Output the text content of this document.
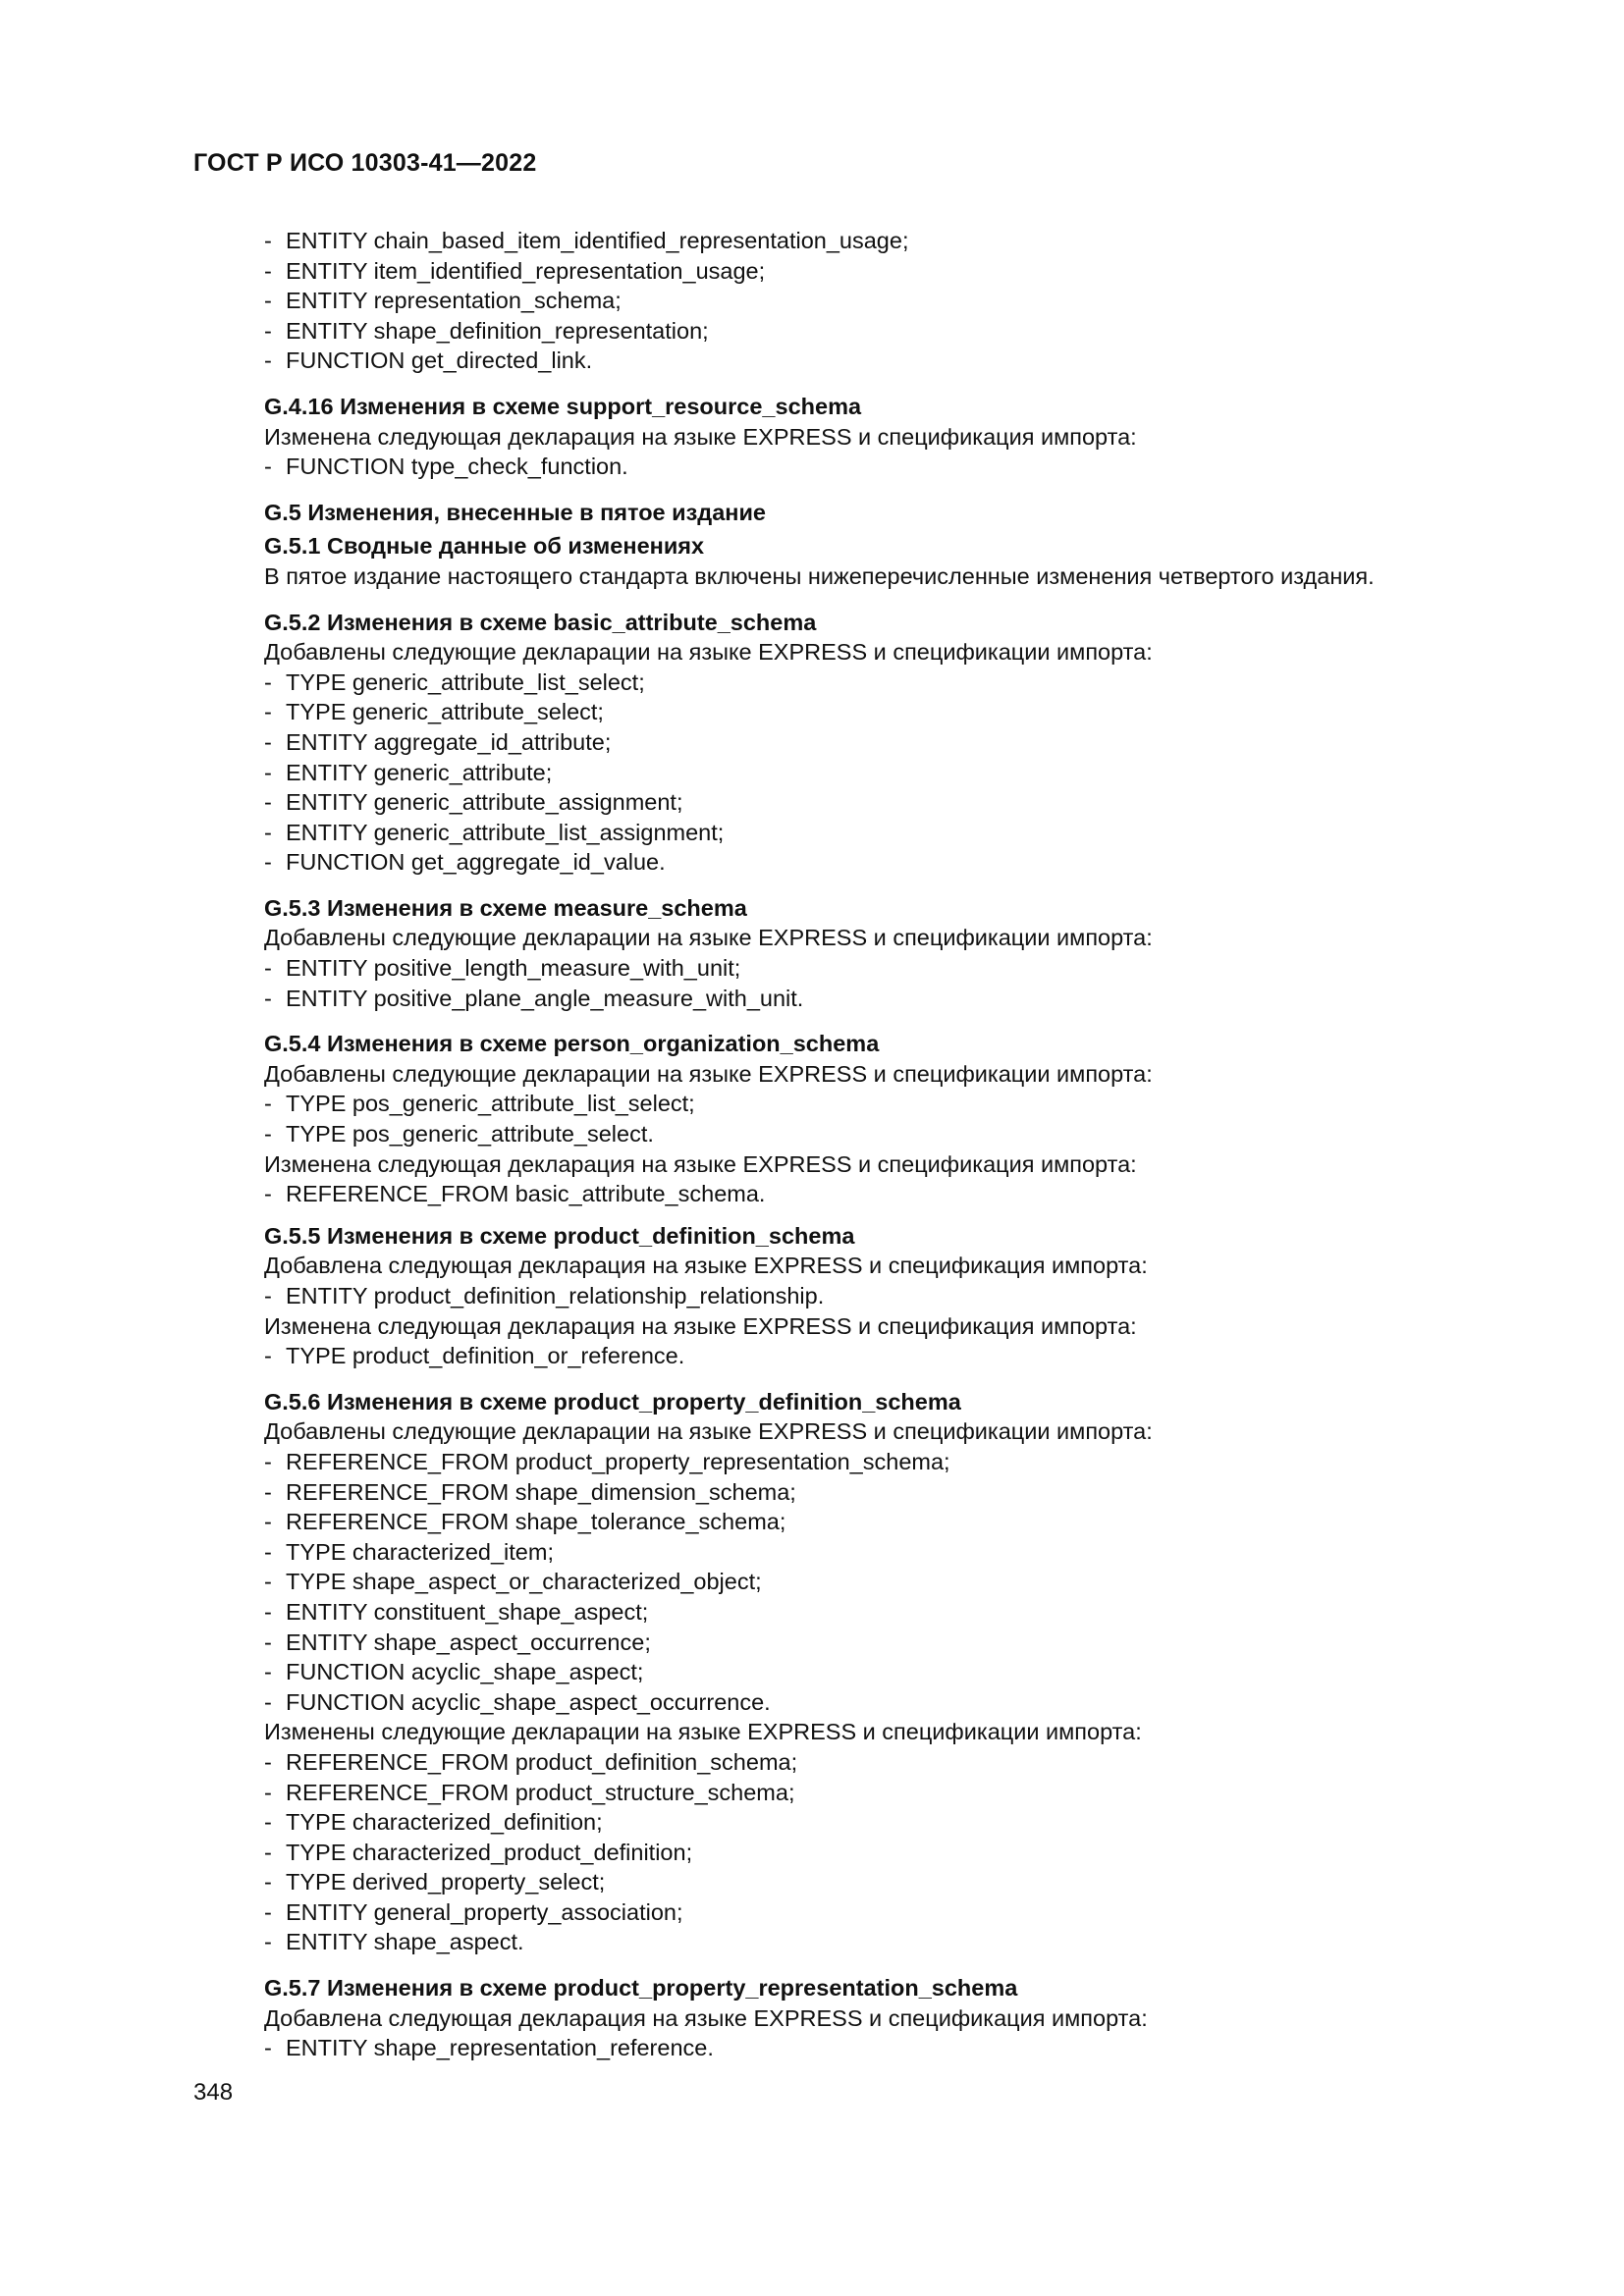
ГОСТ Р ИСО 10303-41—2022
- ENTITY chain_based_item_identified_representation_usage;
- ENTITY item_identified_representation_usage;
- ENTITY representation_schema;
- ENTITY shape_definition_representation;
- FUNCTION get_directed_link.
G.4.16 Изменения в схеме support_resource_schema
Изменена следующая декларация на языке EXPRESS и спецификация импорта:
- FUNCTION type_check_function.
G.5 Изменения, внесенные в пятое издание
G.5.1 Сводные данные об изменениях
В пятое издание настоящего стандарта включены нижеперечисленные изменения четвертого издания.
G.5.2 Изменения в схеме basic_attribute_schema
Добавлены следующие декларации на языке EXPRESS и спецификации импорта:
- TYPE generic_attribute_list_select;
- TYPE generic_attribute_select;
- ENTITY aggregate_id_attribute;
- ENTITY generic_attribute;
- ENTITY generic_attribute_assignment;
- ENTITY generic_attribute_list_assignment;
- FUNCTION get_aggregate_id_value.
G.5.3 Изменения в схеме measure_schema
Добавлены следующие декларации на языке EXPRESS и спецификации импорта:
- ENTITY positive_length_measure_with_unit;
- ENTITY positive_plane_angle_measure_with_unit.
G.5.4 Изменения в схеме person_organization_schema
Добавлены следующие декларации на языке EXPRESS и спецификации импорта:
- TYPE pos_generic_attribute_list_select;
- TYPE pos_generic_attribute_select.
Изменена следующая декларация на языке EXPRESS и спецификация импорта:
- REFERENCE_FROM basic_attribute_schema.
G.5.5 Изменения в схеме product_definition_schema
Добавлена следующая декларация на языке EXPRESS и спецификация импорта:
- ENTITY product_definition_relationship_relationship.
Изменена следующая декларация на языке EXPRESS и спецификация импорта:
- TYPE product_definition_or_reference.
G.5.6 Изменения в схеме product_property_definition_schema
Добавлены следующие декларации на языке EXPRESS и спецификации импорта:
- REFERENCE_FROM product_property_representation_schema;
- REFERENCE_FROM shape_dimension_schema;
- REFERENCE_FROM shape_tolerance_schema;
- TYPE characterized_item;
- TYPE shape_aspect_or_characterized_object;
- ENTITY constituent_shape_aspect;
- ENTITY shape_aspect_occurrence;
- FUNCTION acyclic_shape_aspect;
- FUNCTION acyclic_shape_aspect_occurrence.
Изменены следующие декларации на языке EXPRESS и спецификации импорта:
- REFERENCE_FROM product_definition_schema;
- REFERENCE_FROM product_structure_schema;
- TYPE characterized_definition;
- TYPE characterized_product_definition;
- TYPE derived_property_select;
- ENTITY general_property_association;
- ENTITY shape_aspect.
G.5.7 Изменения в схеме product_property_representation_schema
Добавлена следующая декларация на языке EXPRESS и спецификация импорта:
- ENTITY shape_representation_reference.
348
